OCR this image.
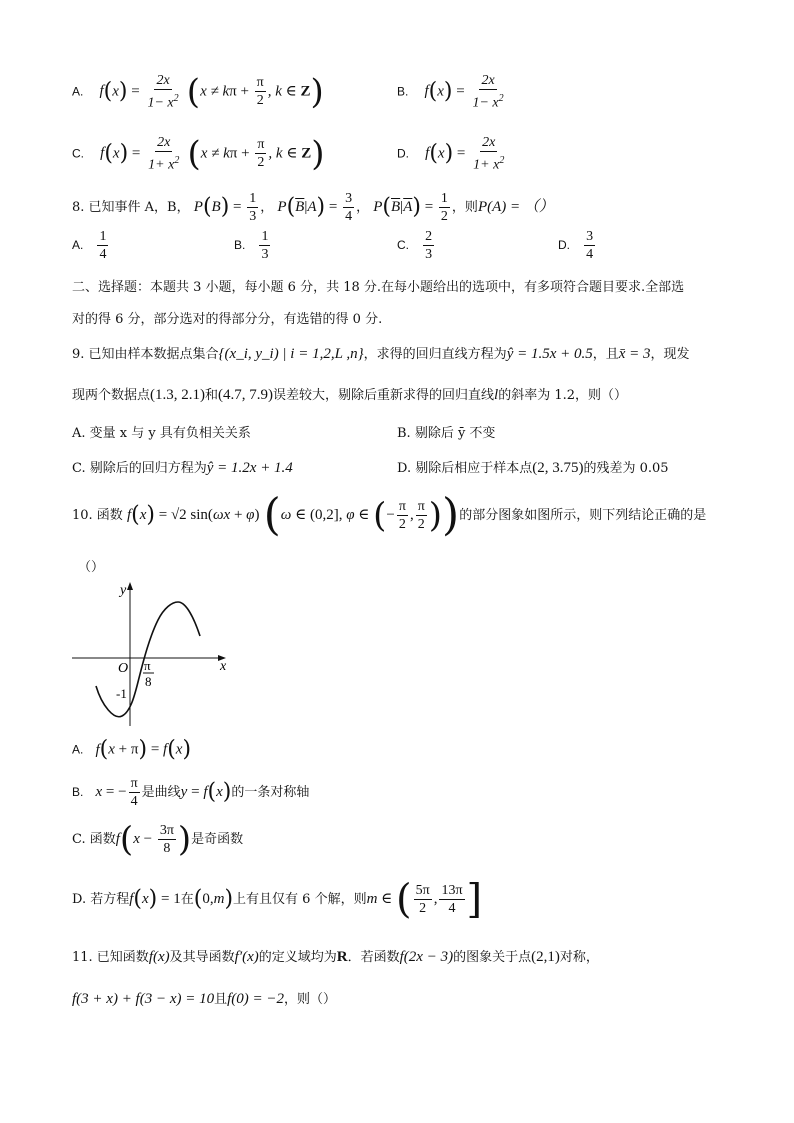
A. $f(x) = \frac{2x}{1- x^2} (x \ne k\pi + \frac{\pi}{2}$ , k ∈ Z)	B. $f(x) = \frac{2x}{1- x^2}$
C. $f(x) = \frac{2x}{1+ x^2} (x \ne k\pi + \frac{\pi}{2}$ , k ∈ Z)	D. $f(x) = \frac{2x}{1+ x^2}$
8. 已知事件 A，B， $P(B) = \frac{1}{3}$ ， $P(\overline{B}|A) = \frac{3}{4}$ ， $P(\overline{B}|\overline{A}) = \frac{1}{2}$ ，则P(A) = （）
A. $\frac{1}{4}$	B. $\frac{1}{3}$	C. $\frac{2}{3}$	D. $\frac{3}{4}$
二、选择题：本题共 3 小题，每小题 6 分，共 18 分.在每小题给出的选项中，有多项符合题目要求.全部选
对的得 6 分，部分选对的得部分分，有选错的得 0 分.
9. 已知由样本数据点集合{(x_i, y_i) | i = 1,2,L ,n}，求得的回归直线方程为ŷ = 1.5x + 0.5，且x̄ = 3，现发
现两个数据点(1.3, 2.1)和(4.7, 7.9)误差较大，剔除后重新求得的回归直线l的斜率为 1.2，则（）
A. 变量 x 与 y 具有负相关关系	B. 剔除后 ȳ 不变
C. 剔除后的回归方程为ŷ = 1.2x + 1.4	D. 剔除后相应于样本点(2, 3.75)的残差为 0.05
10. 函数 f(x) = √2 sin(ωx + φ) (ω ∈ (0,2], φ ∈ (− $\frac{\pi}{2}$ , $\frac{\pi}{2}$ ))的部分图象如图所示，则下列结论正确的是
（）
y
x
O π
8
-1
A. f(x + π) = f(x)
B. x = − $\frac{\pi}{4}$ 是曲线y = f(x)的一条对称轴
C. 函数$f(x - \frac{3\pi}{8}$ )是奇函数
D. 若方程f(x) = 1在(0,m)上有且仅有 6 个解，则m ∈ ( $\frac{5\pi}{2}$ , $\frac{13\pi}{4}$ ]
11. 已知函数f(x)及其导函数f′(x)的定义域均为R．若函数f(2x − 3)的图象关于点(2,1)对称，
f(3 + x) + f(3 − x) = 10且f(0) = −2，则（）
